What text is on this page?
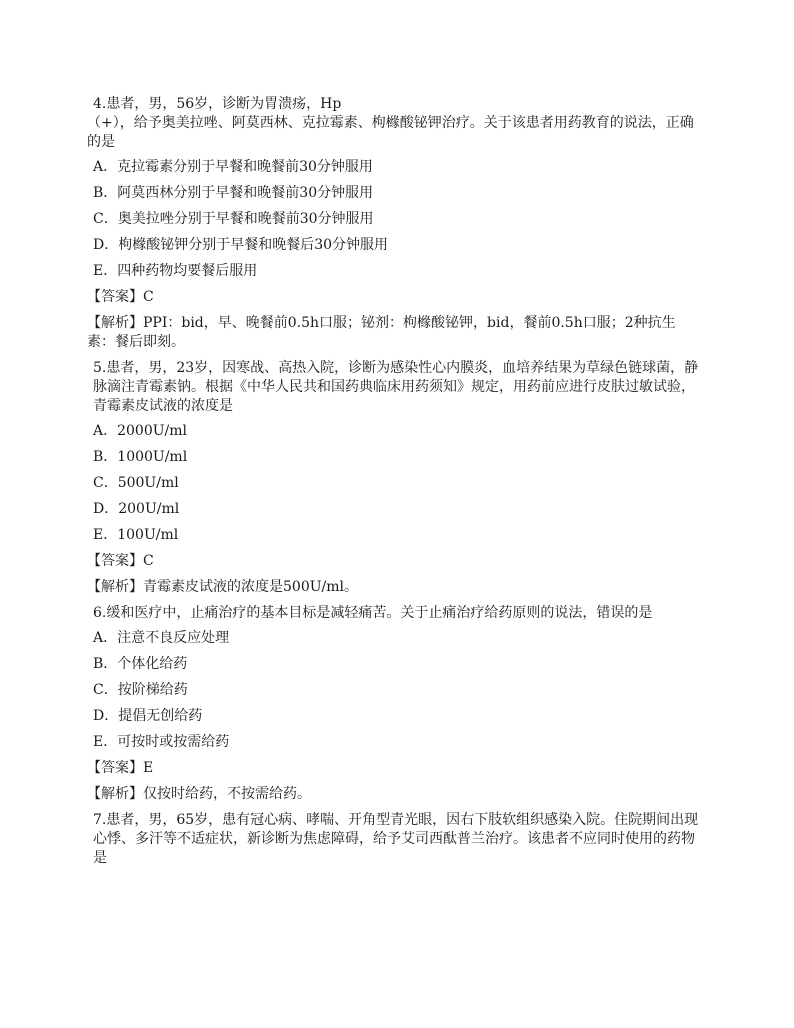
4.患者，男，56岁，诊断为胃溃疡，Hp
（+），给予奥美拉唑、阿莫西林、克拉霉素、枸橼酸铋钾治疗。关于该患者用药教育的说法，正确的是
A．克拉霉素分别于早餐和晚餐前30分钟服用
B．阿莫西林分别于早餐和晚餐前30分钟服用
C．奥美拉唑分别于早餐和晚餐前30分钟服用
D．枸橼酸铋钾分别于早餐和晚餐后30分钟服用
E．四种药物均要餐后服用
【答案】C
【解析】PPI：bid，早、晚餐前0.5h口服；铋剂：枸橼酸铋钾，bid，餐前0.5h口服；2种抗生素：餐后即刻。
5.患者，男，23岁，因寒战、高热入院，诊断为感染性心内膜炎，血培养结果为草绿色链球菌，静脉滴注青霉素钠。根据《中华人民共和国药典临床用药须知》规定，用药前应进行皮肤过敏试验，青霉素皮试液的浓度是
A．2000U/ml
B．1000U/ml
C．500U/ml
D．200U/ml
E．100U/ml
【答案】C
【解析】青霉素皮试液的浓度是500U/ml。
6.缓和医疗中，止痛治疗的基本目标是减轻痛苦。关于止痛治疗给药原则的说法，错误的是
A．注意不良反应处理
B．个体化给药
C．按阶梯给药
D．提倡无创给药
E．可按时或按需给药
【答案】E
【解析】仅按时给药，不按需给药。
7.患者，男，65岁，患有冠心病、哮喘、开角型青光眼，因右下肢软组织感染入院。住院期间出现心悸、多汗等不适症状，新诊断为焦虑障碍，给予艾司西酞普兰治疗。该患者不应同时使用的药物是
